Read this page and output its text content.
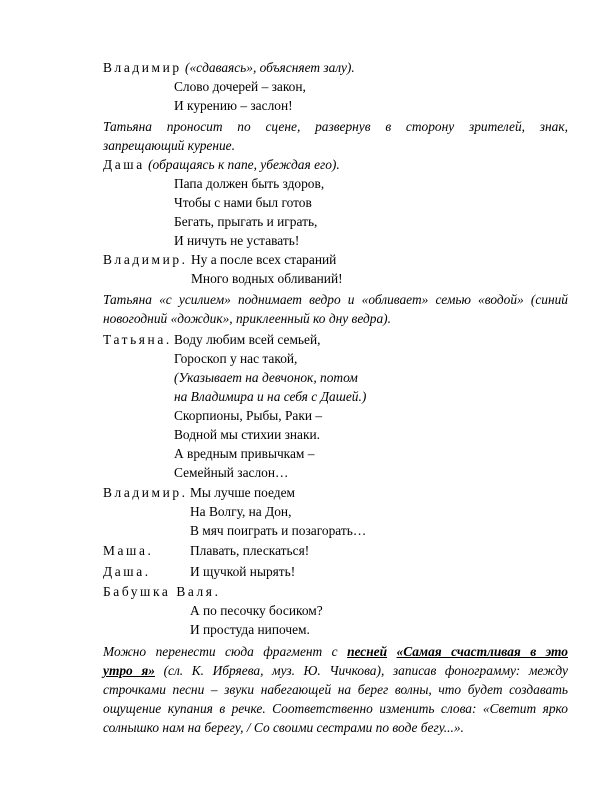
Владимир («сдаваясь», объясняет залу).
Слово дочерей – закон,
И курению – заслон!
Татьяна проносит по сцене, развернув в сторону зрителей, знак,
запрещающий курение.
Даша (обращаясь к папе, убеждая его).
Папа должен быть здоров,
Чтобы с нами был готов
Бегать, прыгать и играть,
И ничуть не уставать!
Владимир. Ну а после всех стараний
Много водных обливаний!
Татьяна «с усилием» поднимает ведро и «обливает» семью «водой» (синий
новогодний «дождик», приклеенный ко дну ведра).
Татьяна. Воду любим всей семьей,
Гороскоп у нас такой,
(Указывает на девчонок, потом
на Владимира и на себя с Дашей.)
Скорпионы, Рыбы, Раки –
Водной мы стихии знаки.
А вредным привычкам –
Семейный заслон…
Владимир. Мы лучше поедем
На Волгу, на Дон,
В мяч поиграть и позагорать…
Маша.	Плавать, плескаться!
Даша.	И щучкой нырять!
Бабушка Валя.
А по песочку босиком?
И простуда нипочем.
Можно перенести сюда фрагмент с песней «Самая счастливая в это
утро я» (сл. К. Ибряева, муз. Ю. Чичкова), записав фонограмму: между
строчками песни – звуки набегающей на берег волны, что будет создавать
ощущение купания в речке. Соответственно изменить слова: «Светит ярко
солнышко нам на берегу, / Со своими сестрами по воде бегу...».
